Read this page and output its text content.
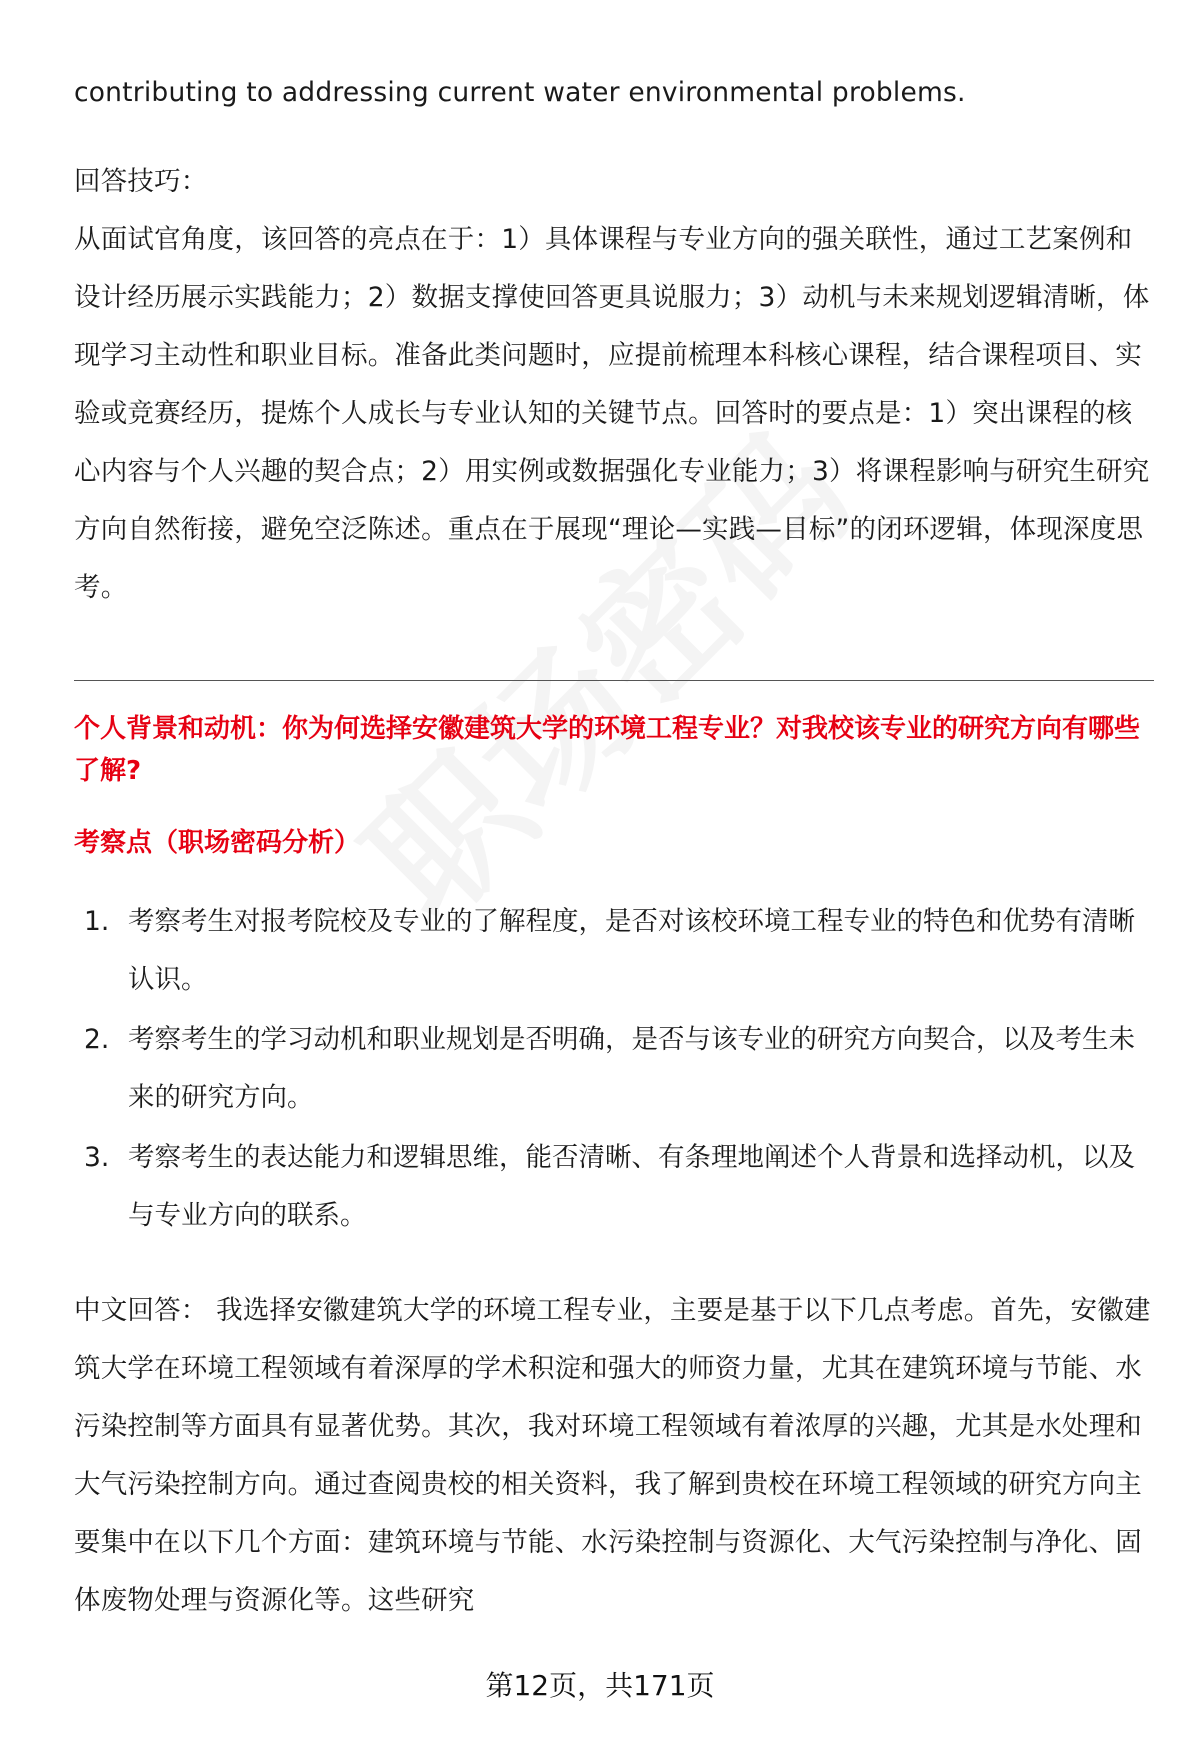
contributing to addressing current water environmental problems.

回答技巧：

从面试官角度，该回答的亮点在于：1）具体课程与专业方向的强关联性，通过工艺案例和设计经历展示实践能力；2）数据支撑使回答更具说服力；3）动机与未来规划逻辑清晰，体现学习主动性和职业目标。准备此类问题时，应提前梳理本科核心课程，结合课程项目、实验或竞赛经历，提炼个人成长与专业认知的关键节点。回答时的要点是：1）突出课程的核心内容与个人兴趣的契合点；2）用实例或数据强化专业能力；3）将课程影响与研究生研究方向自然衔接，避免空泛陈述。重点在于展现“理论—实践—目标”的闭环逻辑，体现深度思考。

个人背景和动机：你为何选择安徽建筑大学的环境工程专业？对我校该专业的研究方向有哪些了解?

考察点（职场密码分析）

1. 考察考生对报考院校及专业的了解程度，是否对该校环境工程专业的特色和优势有清晰认识。
2. 考察考生的学习动机和职业规划是否明确，是否与该专业的研究方向契合，以及考生未来的研究方向。
3. 考察考生的表达能力和逻辑思维，能否清晰、有条理地阐述个人背景和选择动机，以及与专业方向的联系。

中文回答： 我选择安徽建筑大学的环境工程专业，主要是基于以下几点考虑。首先，安徽建筑大学在环境工程领域有着深厚的学术积淀和强大的师资力量，尤其在建筑环境与节能、水污染控制等方面具有显著优势。其次，我对环境工程领域有着浓厚的兴趣，尤其是水处理和大气污染控制方向。通过查阅贵校的相关资料，我了解到贵校在环境工程领域的研究方向主要集中在以下几个方面：建筑环境与节能、水污染控制与资源化、大气污染控制与净化、固体废物处理与资源化等。这些研究

第12页，共171页
